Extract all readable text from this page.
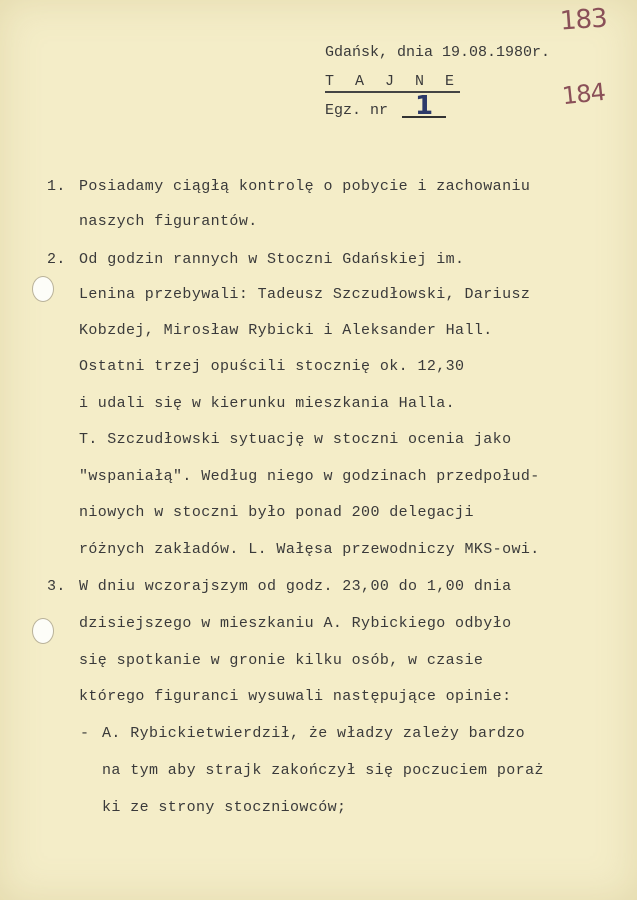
183
184
Gdańsk, dnia 19.08.1980r.
T A J N E
Egz. nr 1
1. Posiadamy ciągłą kontrolę o pobycie i zachowaniu
naszych figurantów.
2. Od godzin rannych w Stoczni Gdańskiej im.
Lenina przebywali: Tadeusz Szczudłowski, Dariusz
Kobzdej, Mirosław Rybicki i Aleksander Hall.
Ostatni trzej opuścili stocznię ok. 12,30
i udali się w kierunku mieszkania Halla.
T. Szczudłowski sytuację w stoczni ocenia jako
"wspaniałą". Według niego w godzinach przedpołud-
niowych w stoczni było ponad 200 delegacji
różnych zakładów. L. Wałęsa przewodniczy MKS-owi.
3. W dniu wczorajszym od godz. 23,00 do 1,00 dnia
dzisiejszego w mieszkaniu A. Rybickiego odbyło
się spotkanie w gronie kilku osób, w czasie
którego figuranci wysuwali następujące opinie:
- A. Rybickietwierdził, że władzy zależy bardzo
na tym aby strajk zakończył się poczuciem poraż
ki ze strony stoczniowców;
